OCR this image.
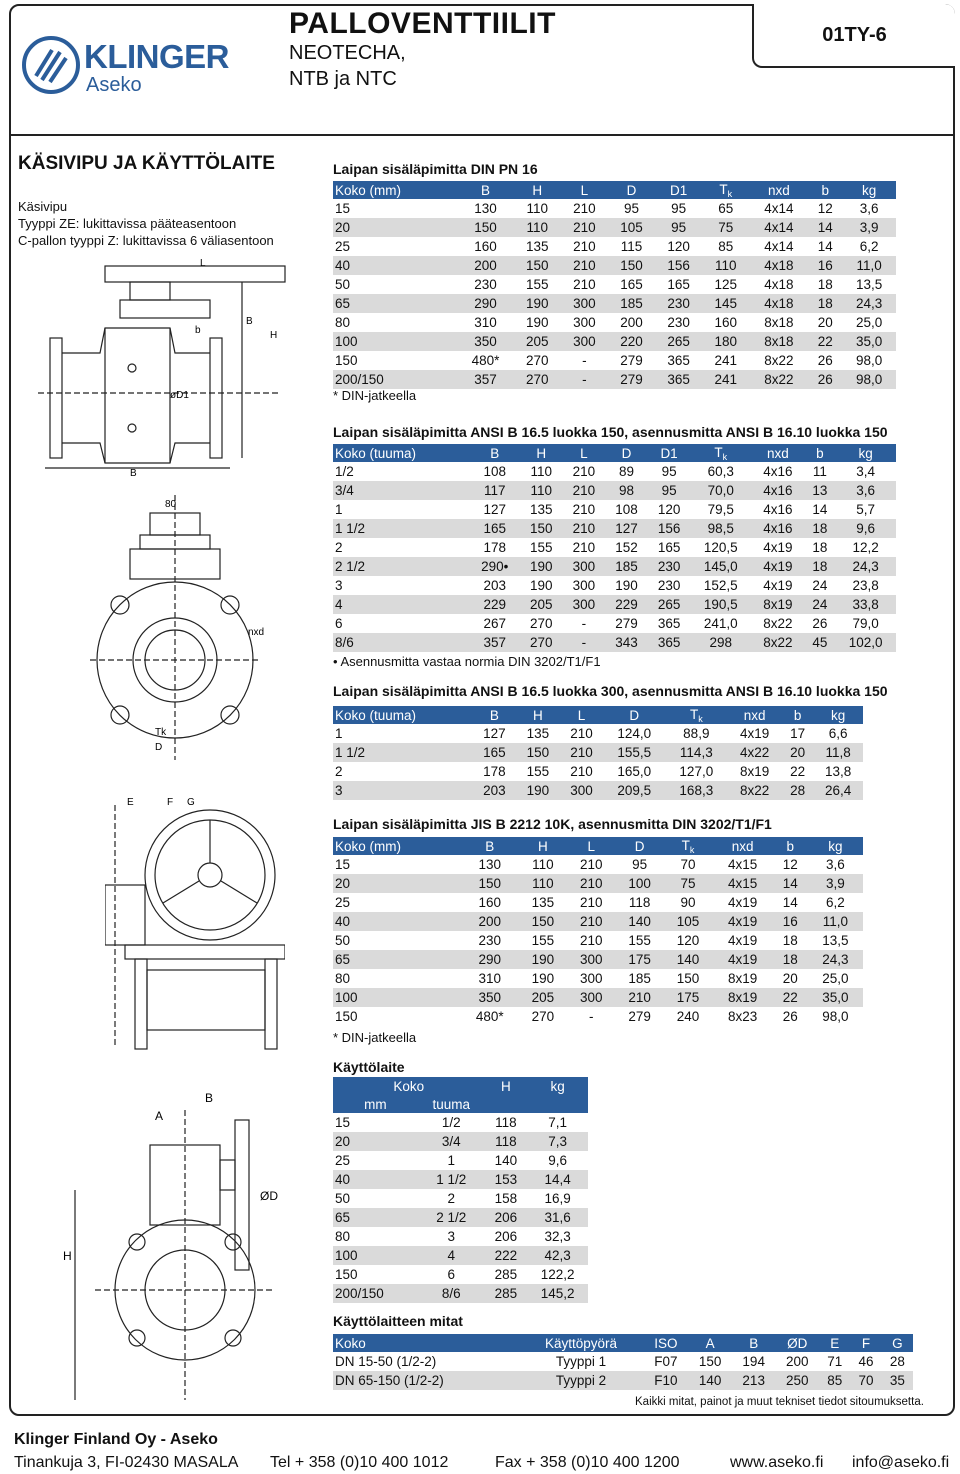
KLINGER
Aseko
PALLOVENTTIILIT
NEOTECHA,
NTB ja NTC
01TY-6
KÄSIVIPU JA KÄYTTÖLAITE
Käsivipu
Tyyppi ZE: lukittavissa pääteasentoon
C-pallon tyyppi Z: lukittavissa 6 väliasentoon
L
b
B
H
øD1
B
80
nxd
Tk
D
E	F G
A
B
ØD
H
Laipan sisäläpimitta DIN PN 16
Koko (mm)	B	H	L	D	D1	$T_k$	nxd	b	kg
15	130	110	210	95	95	65	4x14	12	3,6
20	150	110	210	105	95	75	4x14	14	3,9
25	160	135	210	115	120	85	4x14	14	6,2
40	200	150	210	150	156	110	4x18	16	11,0
50	230	155	210	165	165	125	4x18	18	13,5
65	290	190	300	185	230	145	4x18	18	24,3
80	310	190	300	200	230	160	8x18	20	25,0
100	350	205	300	220	265	180	8x18	22	35,0
150	480*	270	-	279	365	241	8x22	26	98,0
200/150	357	270	-	279	365	241	8x22	26	98,0
* DIN-jatkeella
Laipan sisäläpimitta ANSI B 16.5 luokka 150, asennusmitta ANSI B 16.10 luokka 150
Koko (tuuma)	B	H	L	D	D1	$T_k$	nxd	b	kg
1/2	108	110	210	89	95	60,3	4x16	11	3,4
3/4	117	110	210	98	95	70,0	4x16	13	3,6
1	127	135	210	108	120	79,5	4x16	14	5,7
1 1/2	165	150	210	127	156	98,5	4x16	18	9,6
2	178	155	210	152	165	120,5	4x19	18	12,2
2 1/2	290•	190	300	185	230	145,0	4x19	18	24,3
3	203	190	300	190	230	152,5	4x19	24	23,8
4	229	205	300	229	265	190,5	8x19	24	33,8
6	267	270	-	279	365	241,0	8x22	26	79,0
8/6	357	270	-	343	365	298	8x22	45	102,0
• Asennusmitta vastaa normia DIN 3202/T1/F1
Laipan sisäläpimitta ANSI B 16.5 luokka 300, asennusmitta ANSI B 16.10 luokka 150
Koko (tuuma)	B	H	L	D	$T_k$	nxd	b	kg
1	127	135	210	124,0	88,9	4x19	17	6,6
1 1/2	165	150	210	155,5	114,3	4x22	20	11,8
2	178	155	210	165,0	127,0	8x19	22	13,8
3	203	190	300	209,5	168,3	8x22	28	26,4
Laipan sisäläpimitta JIS B 2212 10K, asennusmitta DIN 3202/T1/F1
Koko (mm)	B	H	L	D	$T_k$	nxd	b	kg
15	130	110	210	95	70	4x15	12	3,6
20	150	110	210	100	75	4x15	14	3,9
25	160	135	210	118	90	4x19	14	6,2
40	200	150	210	140	105	4x19	16	11,0
50	230	155	210	155	120	4x19	18	13,5
65	290	190	300	175	140	4x19	18	24,3
80	310	190	300	185	150	8x19	20	25,0
100	350	205	300	210	175	8x19	22	35,0
150	480*	270	-	279	240	8x23	26	98,0
* DIN-jatkeella
Käyttölaite
Koko		H	kg
mm	tuuma		
15	1/2	118	7,1
20	3/4	118	7,3
25	1	140	9,6
40	1 1/2	153	14,4
50	2	158	16,9
65	2 1/2	206	31,6
80	3	206	32,3
100	4	222	42,3
150	6	285	122,2
200/150	8/6	285	145,2
Käyttölaitteen mitat
Koko	Käyttöpyörä	ISO	A	B	ØD	E	F	G
DN 15-50 (1/2-2)	Tyyppi 1	F07	150	194	200	71	46	28
DN 65-150 (1/2-2)	Tyyppi 2	F10	140	213	250	85	70	35
Kaikki mitat, painot ja muut tekniset tiedot sitoumuksetta.
Klinger Finland Oy - Aseko
Tinankuja 3, FI-02430 MASALA Tel + 358 (0)10 400 1012	Fax + 358 (0)10 400 1200	www.aseko.fi info@aseko.fi
